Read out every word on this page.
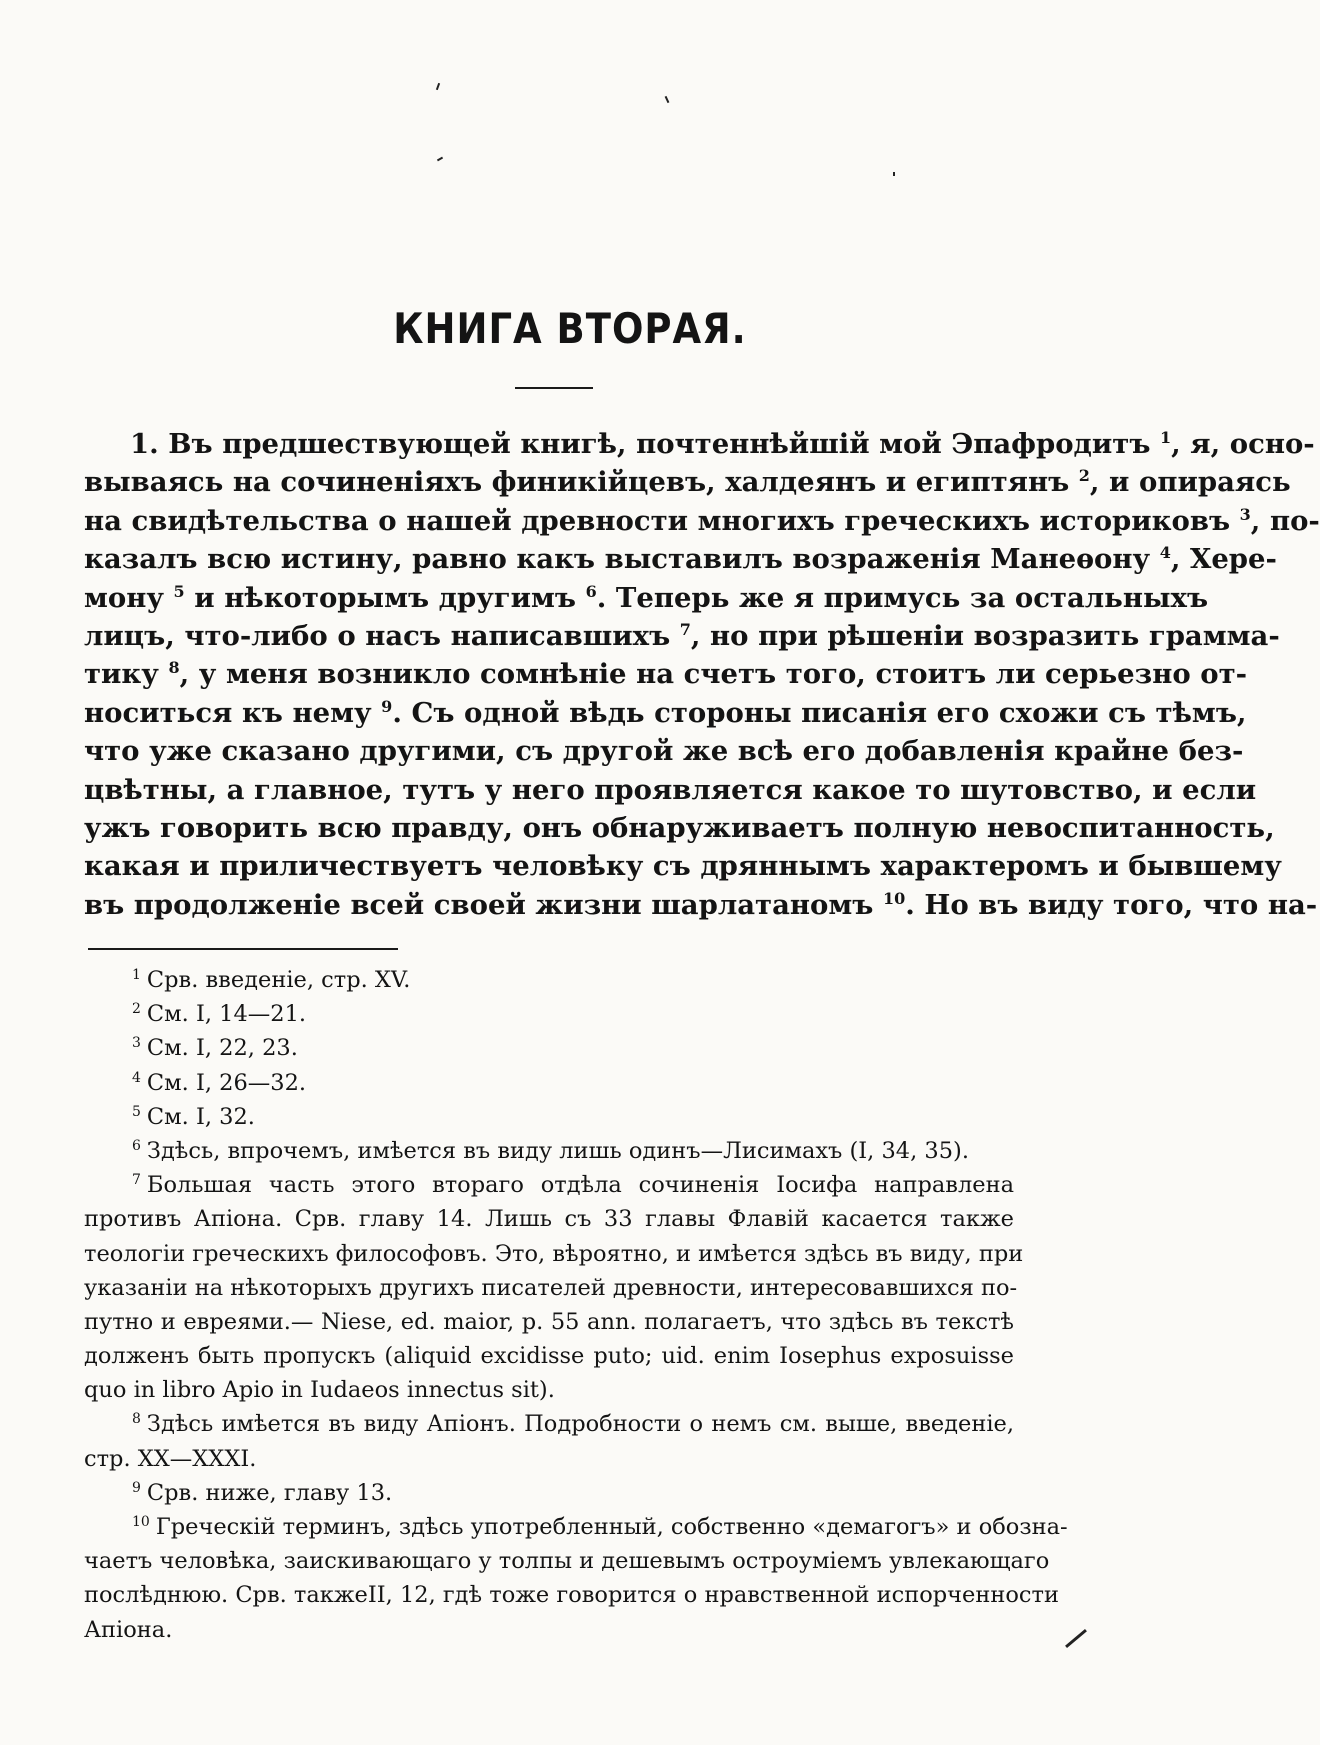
КНИГА ВТОРАЯ.
1. Въ предшествующей книгѣ, почтеннѣйшій мой Эпафродитъ $^1$, я, осно-
вываясь на сочиненіяхъ финикійцевъ, халдеянъ и египтянъ $^2$, и опираясь
на свидѣтельства о нашей древности многихъ греческихъ историковъ $^3$, по-
казалъ всю истину, равно какъ выставилъ возраженія Манеѳону $^4$, Хере-
мону $^5$ и нѣкоторымъ другимъ $^6$. Теперь же я примусь за остальныхъ
лицъ, что-либо о насъ написавшихъ $^7$, но при рѣшеніи возразить грамма-
тику $^8$, у меня возникло сомнѣніе на счетъ того, стоитъ ли серьезно от-
носиться къ нему $^9$. Съ одной вѣдь стороны писанія его схожи съ тѣмъ,
что уже сказано другими, съ другой же всѣ его добавленія крайне без-
цвѣтны, а главное, тутъ у него проявляется какое то шутовство, и если
ужъ говорить всю правду, онъ обнаруживаетъ полную невоспитанность,
какая и приличествуетъ человѣку съ дряннымъ характеромъ и бывшему
въ продолженіе всей своей жизни шарлатаномъ $^{10}$. Но въ виду того, что на-
$^1$ Срв. введеніе, стр. XV.
$^2$ См. I, 14—21.
$^3$ См. I, 22, 23.
$^4$ См. I, 26—32.
$^5$ См. I, 32.
$^6$ Здѣсь, впрочемъ, имѣется въ виду лишь одинъ—Лисимахъ (I, 34, 35).
$^7$ Большая часть этого втораго отдѣла сочиненія Іосифа направлена
противъ Апіона. Срв. главу 14. Лишь съ 33 главы Флавій касается также
теологіи греческихъ философовъ. Это, вѣроятно, и имѣется здѣсь въ виду, при
указаніи на нѣкоторыхъ другихъ писателей древности, интересовавшихся по-
путно и евреями.— Niese, ed. maior, p. 55 ann. полагаетъ, что здѣсь въ текстѣ
долженъ быть пропускъ (aliquid excidisse puto; uid. enim Iosephus exposuisse
quo in libro Apio in Iudaeos innectus sit).
$^8$ Здѣсь имѣется въ виду Апіонъ. Подробности о немъ см. выше, введеніе,
стр. XX—XXXI.
$^9$ Срв. ниже, главу 13.
$^{10}$ Греческій терминъ, здѣсь употребленный, собственно «демагогъ» и обозна-
чаетъ человѣка, заискивающаго у толпы и дешевымъ остроуміемъ увлекающаго
послѣднюю. Срв. такжеII, 12, гдѣ тоже говорится о нравственной испорченности
Апіона.
